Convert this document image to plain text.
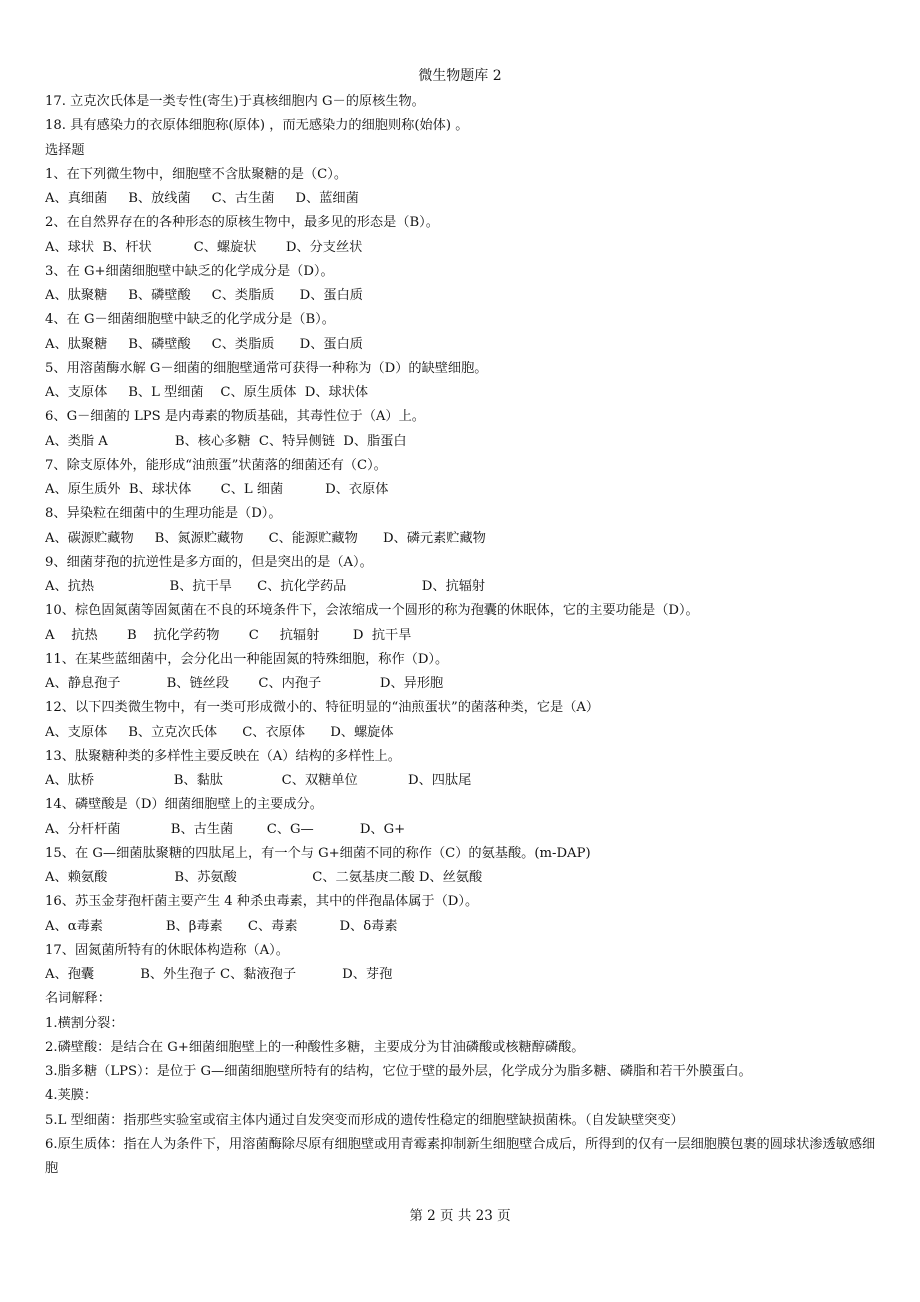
微生物题库 2
17. 立克次氏体是一类专性(寄生)于真核细胞内 G－的原核生物。
18. 具有感染力的衣原体细胞称(原体) ，而无感染力的细胞则称(始体) 。
选择题
1、在下列微生物中，细胞壁不含肽聚糖的是（C）。
A、真细菌     B、放线菌     C、古生菌     D、蓝细菌
2、在自然界存在的各种形态的原核生物中，最多见的形态是（B）。
A、球状  B、杆状          C、螺旋状       D、分支丝状
3、在 G+细菌细胞壁中缺乏的化学成分是（D）。
A、肽聚糖     B、磷壁酸     C、类脂质      D、蛋白质
4、在 G－细菌细胞壁中缺乏的化学成分是（B）。
A、肽聚糖     B、磷壁酸     C、类脂质      D、蛋白质
5、用溶菌酶水解 G－细菌的细胞壁通常可获得一种称为（D）的缺壁细胞。
A、支原体     B、L 型细菌    C、原生质体  D、球状体
6、G－细菌的 LPS 是内毒素的物质基础，其毒性位于（A）上。
A、类脂 A                B、核心多糖  C、特异侧链  D、脂蛋白
7、除支原体外，能形成“油煎蛋”状菌落的细菌还有（C）。
A、原生质外  B、球状体       C、L 细菌          D、衣原体
8、异染粒在细菌中的生理功能是（D）。
A、碳源贮藏物     B、氮源贮藏物      C、能源贮藏物      D、磷元素贮藏物
9、细菌芽孢的抗逆性是多方面的，但是突出的是（A）。
A、抗热                  B、抗干旱      C、抗化学药品                  D、抗辐射
10、棕色固氮菌等固氮菌在不良的环境条件下，会浓缩成一个圆形的称为孢囊的休眠体，它的主要功能是（D）。
A    抗热       B    抗化学药物       C     抗辐射        D  抗干旱
11、在某些蓝细菌中，会分化出一种能固氮的特殊细胞，称作（D）。
A、静息孢子           B、链丝段       C、内孢子              D、异形胞
12、以下四类微生物中，有一类可形成微小的、特征明显的“油煎蛋状”的菌落种类，它是（A）
A、支原体     B、立克次氏体      C、衣原体      D、螺旋体
13、肽聚糖种类的多样性主要反映在（A）结构的多样性上。
A、肽桥                   B、黏肽              C、双糖单位            D、四肽尾
14、磷壁酸是（D）细菌细胞壁上的主要成分。
A、分杆杆菌            B、古生菌        C、G—           D、G+
15、在 G—细菌肽聚糖的四肽尾上，有一个与 G+细菌不同的称作（C）的氨基酸。(m-DAP)
A、赖氨酸                B、苏氨酸                  C、二氨基庚二酸 D、丝氨酸
16、苏玉金芽孢杆菌主要产生 4 种杀虫毒素，其中的伴孢晶体属于（D）。
A、α毒素               B、β毒素      C、毒素          D、δ毒素
17、固氮菌所特有的休眠体构造称（A）。
A、孢囊           B、外生孢子 C、黏液孢子           D、芽孢
名词解释：
1.横割分裂：
2.磷壁酸：是结合在 G+细菌细胞壁上的一种酸性多糖，主要成分为甘油磷酸或核糖醇磷酸。
3.脂多糖（LPS）：是位于 G—细菌细胞壁所特有的结构，它位于壁的最外层，化学成分为脂多糖、磷脂和若干外膜蛋白。
4.荚膜：
5.L 型细菌：指那些实验室或宿主体内通过自发突变而形成的遗传性稳定的细胞壁缺损菌株。（自发缺壁突变）
6.原生质体：指在人为条件下，用溶菌酶除尽原有细胞壁或用青霉素抑制新生细胞壁合成后，所得到的仅有一层细胞膜包裹的圆球状渗透敏感细胞
第 2 页 共 23 页
